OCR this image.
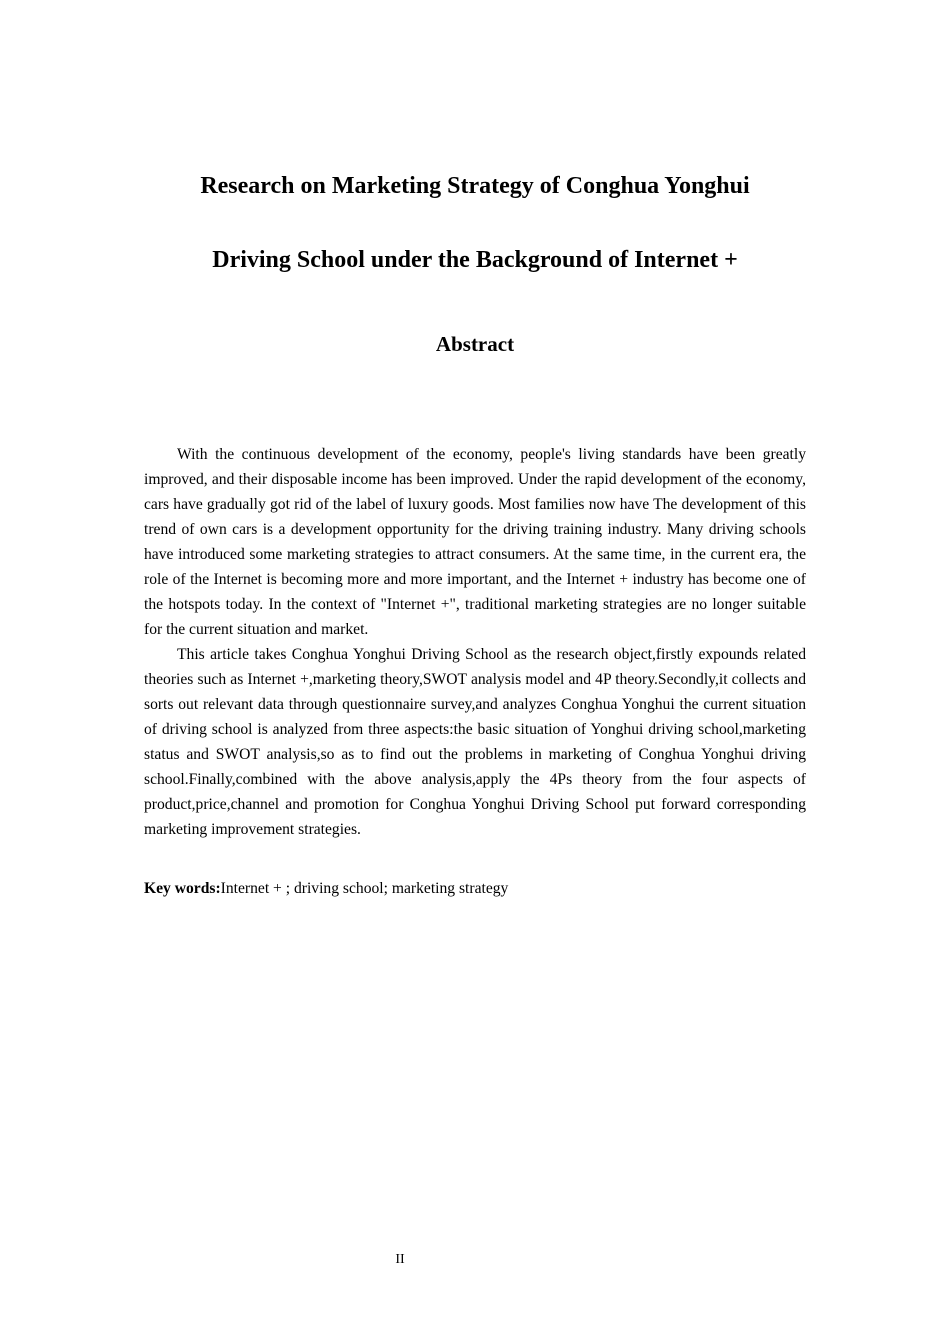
Research on Marketing Strategy of Conghua Yonghui
Driving School under the Background of Internet +
Abstract

With the continuous development of the economy, people's living standards have been greatly improved, and their disposable income has been improved. Under the rapid development of the economy, cars have gradually got rid of the label of luxury goods. Most families now have The development of this trend of own cars is a development opportunity for the driving training industry. Many driving schools have introduced some marketing strategies to attract consumers. At the same time, in the current era, the role of the Internet is becoming more and more important, and the Internet + industry has become one of the hotspots today. In the context of "Internet +", traditional marketing strategies are no longer suitable for the current situation and market.

This article takes Conghua Yonghui Driving School as the research object,firstly expounds related theories such as Internet +,marketing theory,SWOT analysis model and 4P theory.Secondly,it collects and sorts out relevant data through questionnaire survey,and analyzes Conghua Yonghui the current situation of driving school is analyzed from three aspects:the basic situation of Yonghui driving school,marketing status and SWOT analysis,so as to find out the problems in marketing of Conghua Yonghui driving school.Finally,combined with the above analysis,apply the 4Ps theory from the four aspects of product,price,channel and promotion for Conghua Yonghui Driving School put forward corresponding marketing improvement strategies.

Key words:Internet + ; driving school; marketing strategy

II
